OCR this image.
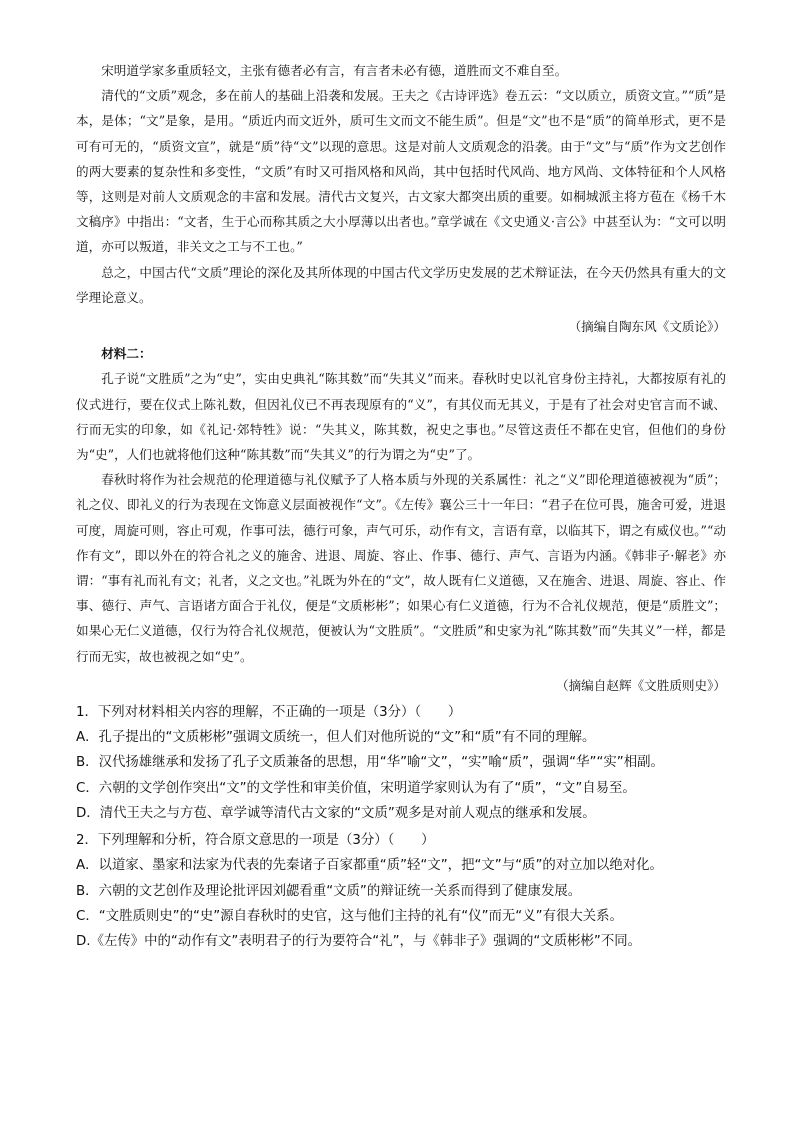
宋明道学家多重质轻文，主张有德者必有言，有言者未必有德，道胜而文不难自至。

清代的“文质”观念，多在前人的基础上沿袭和发展。王夫之《古诗评选》卷五云：“文以质立，质资文宣。”“质”是本，是体；“文”是象，是用。“质近内而文近外，质可生文而文不能生质”。但是“文”也不是“质”的简单形式，更不是可有可无的，“质资文宣”，就是“质”待“文”以现的意思。这是对前人文质观念的沿袭。由于“文”与“质”作为文艺创作的两大要素的复杂性和多变性，“文质”有时又可指风格和风尚，其中包括时代风尚、地方风尚、文体特征和个人风格等，这则是对前人文质观念的丰富和发展。清代古文复兴，古文家大都突出质的重要。如桐城派主将方苞在《杨千木文稿序》中指出：“文者，生于心而称其质之大小厚薄以出者也。”章学诚在《文史通义·言公》中甚至认为：“文可以明道，亦可以叛道，非关文之工与不工也。”

总之，中国古代“文质”理论的深化及其所体现的中国古代文学历史发展的艺术辩证法，在今天仍然具有重大的文学理论意义。

（摘编自陶东风《文质论》）

材料二：

孔子说“文胜质”之为“史”，实由史典礼“陈其数”而“失其义”而来。春秋时史以礼官身份主持礼，大都按原有礼的仪式进行，要在仪式上陈礼数，但因礼仪已不再表现原有的“义”，有其仪而无其义，于是有了社会对史官言而不诚、行而无实的印象，如《礼记·郊特牲》说：“失其义，陈其数，祝史之事也。”尽管这责任不都在史官，但他们的身份为“史”，人们也就将他们这种“陈其数”而“失其义”的行为谓之为“史”了。

春秋时将作为社会规范的伦理道德与礼仪赋予了人格本质与外现的关系属性：礼之“义”即伦理道德被视为“质”；礼之仪、即礼义的行为表现在文饰意义层面被视作“文”。《左传》襄公三十一年曰：“君子在位可畏，施舍可爱，进退可度，周旋可则，容止可观，作事可法，德行可象，声气可乐，动作有文，言语有章，以临其下，谓之有威仪也。”“动作有文”，即以外在的符合礼之义的施舍、进退、周旋、容止、作事、德行、声气、言语为内涵。《韩非子·解老》亦谓：“事有礼而礼有文；礼者，义之文也。”礼既为外在的“文”，故人既有仁义道德，又在施舍、进退、周旋、容止、作事、德行、声气、言语诸方面合于礼仪，便是“文质彬彬”；如果心有仁义道德，行为不合礼仪规范，便是“质胜文”；如果心无仁义道德，仅行为符合礼仪规范，便被认为“文胜质”。“文胜质”和史家为礼“陈其数”而“失其义”一样，都是行而无实，故也被视之如“史”。

（摘编自赵辉《文胜质则史》）

1．下列对材料相关内容的理解，不正确的一项是（3分）（　　）

A．孔子提出的“文质彬彬”强调文质统一，但人们对他所说的“文”和“质”有不同的理解。

B．汉代扬雄继承和发扬了孔子文质兼备的思想，用“华”喻“文”，“实”喻“质”，强调“华”“实”相副。

C．六朝的文学创作突出“文”的文学性和审美价值，宋明道学家则认为有了“质”，“文”自易至。

D．清代王夫之与方苞、章学诚等清代古文家的“文质”观多是对前人观点的继承和发展。

2．下列理解和分析，符合原文意思的一项是（3分）（　　）

A．以道家、墨家和法家为代表的先秦诸子百家都重“质”轻“文”，把“文”与“质”的对立加以绝对化。

B．六朝的文艺创作及理论批评因刘勰看重“文质”的辩证统一关系而得到了健康发展。

C．“文胜质则史”的“史”源自春秋时的史官，这与他们主持的礼有“仪”而无“义”有很大关系。

D.《左传》中的“动作有文”表明君子的行为要符合“礼”，与《韩非子》强调的“文质彬彬”不同。
